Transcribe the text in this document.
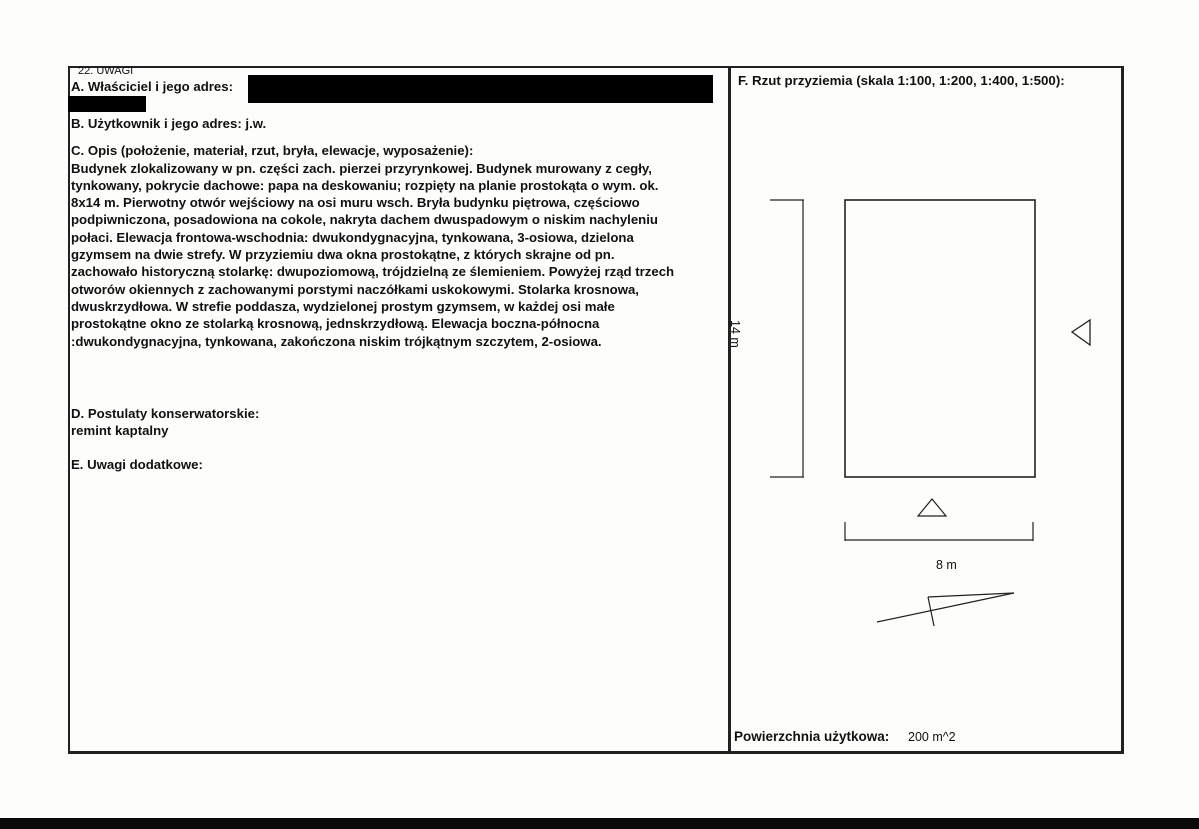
22. UWAGI
A. Właściciel i jego adres:
B. Użytkownik i jego adres: j.w.
C. Opis (położenie, materiał, rzut, bryła, elewacje, wyposażenie):
Budynek zlokalizowany w pn. części zach. pierzei przyrynkowej. Budynek murowany z cegły,
tynkowany, pokrycie dachowe: papa na deskowaniu; rozpięty na planie prostokąta o wym. ok.
8x14 m. Pierwotny otwór wejściowy na osi muru wsch. Bryła budynku piętrowa, częściowo
podpiwniczona, posadowiona na cokole, nakryta dachem dwuspadowym o niskim nachyleniu
połaci. Elewacja frontowa-wschodnia: dwukondygnacyjna, tynkowana, 3-osiowa, dzielona
gzymsem na dwie strefy. W przyziemiu dwa okna prostokątne, z których skrajne od pn.
zachowało historyczną stolarkę: dwupoziomową, trójdzielną ze ślemieniem. Powyżej rząd trzech
otworów okiennych z zachowanymi porstymi naczółkami uskokowymi. Stolarka krosnowa,
dwuskrzydłowa. W strefie poddasza, wydzielonej prostym gzymsem, w każdej osi małe
prostokątne okno ze stolarką krosnową, jednskrzydłową. Elewacja boczna-północna
:dwukondygnacyjna, tynkowana, zakończona niskim trójkątnym szczytem, 2-osiowa.
D. Postulaty konserwatorskie:
remint kaptalny
E. Uwagi dodatkowe:
F. Rzut przyziemia (skala 1:100, 1:200, 1:400, 1:500):
14 m
8 m
Powierzchnia użytkowa: 200 m^2
